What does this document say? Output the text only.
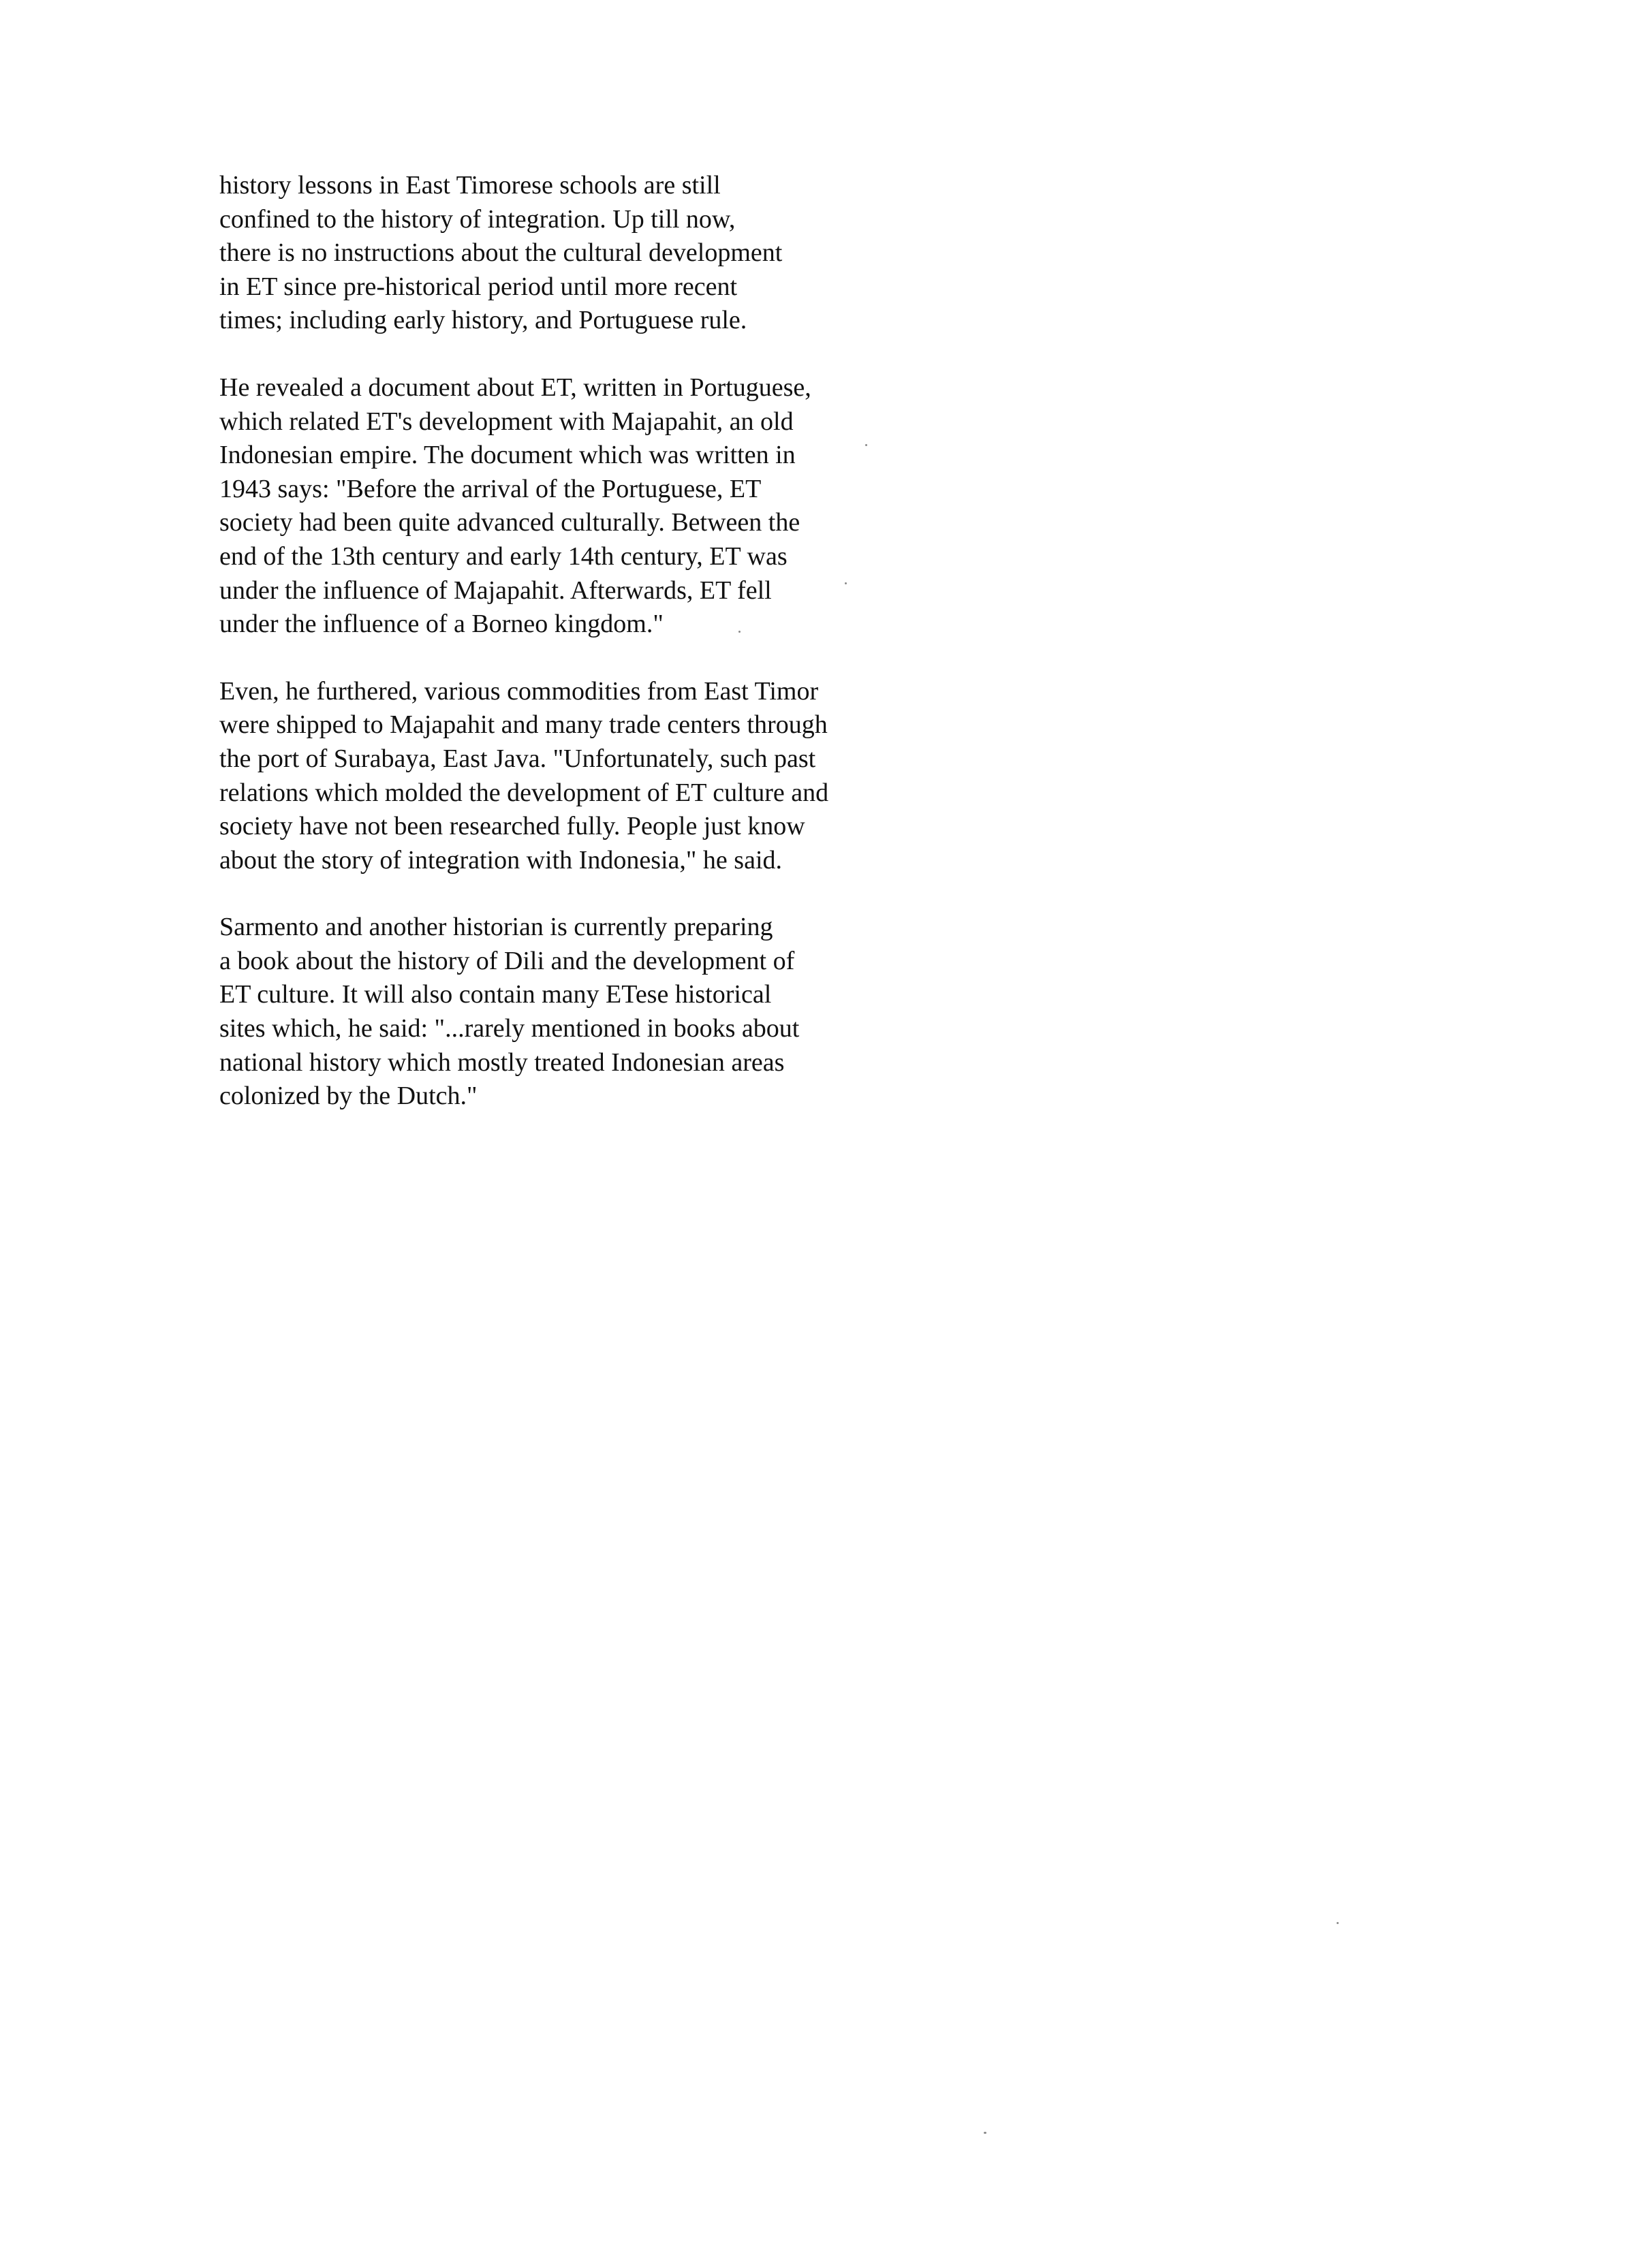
history lessons in East Timorese schools are still
confined to the history of integration. Up till now,
there is no instructions about the cultural development
in ET since pre-historical period until more recent
times; including early history, and Portuguese rule.

He revealed a document about ET, written in Portuguese,
which related ET's development with Majapahit, an old
Indonesian empire. The document which was written in
1943 says: "Before the arrival of the Portuguese, ET
society had been quite advanced culturally. Between the
end of the 13th century and early 14th century, ET was
under the influence of Majapahit. Afterwards, ET fell
under the influence of a Borneo kingdom."

Even, he furthered, various commodities from East Timor
were shipped to Majapahit and many trade centers through
the port of Surabaya, East Java. "Unfortunately, such past
relations which molded the development of ET culture and
society have not been researched fully. People just know
about the story of integration with Indonesia," he said.

Sarmento and another historian is currently preparing
a book about the history of Dili and the development of
ET culture. It will also contain many ETese historical
sites which, he said: "...rarely mentioned in books about
national history which mostly treated Indonesian areas
colonized by the Dutch."
